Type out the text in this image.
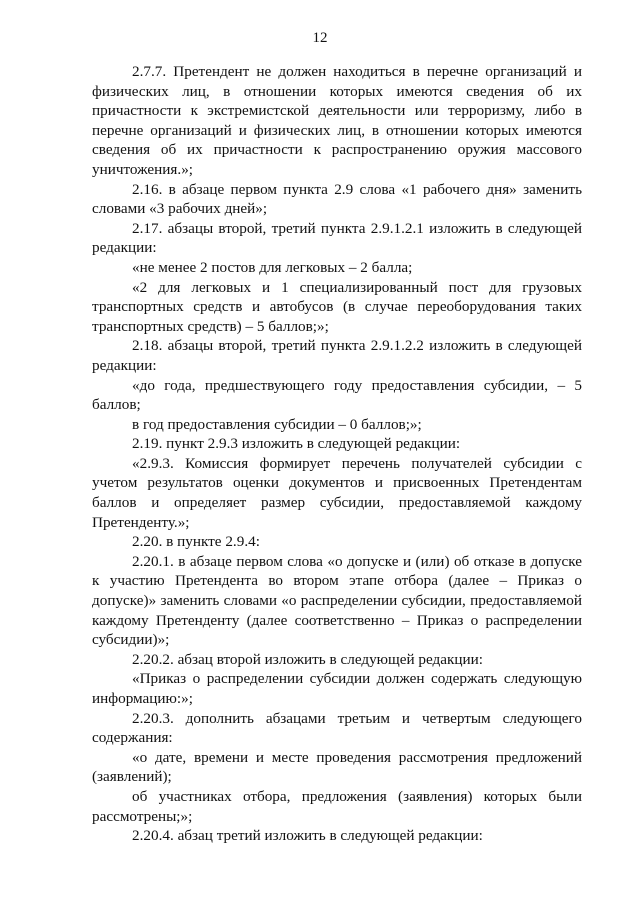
12

2.7.7. Претендент не должен находиться в перечне организаций и физических лиц, в отношении которых имеются сведения об их причастности к экстремистской деятельности или терроризму, либо в перечне организаций и физических лиц, в отношении которых имеются сведения об их причастности к распространению оружия массового уничтожения.»;

2.16. в абзаце первом пункта 2.9 слова «1 рабочего дня» заменить словами «3 рабочих дней»;

2.17. абзацы второй, третий пункта 2.9.1.2.1 изложить в следующей редакции:

«не менее 2 постов для легковых – 2 балла;

«2 для легковых и 1 специализированный пост для грузовых транспортных средств и автобусов (в случае переоборудования таких транспортных средств) – 5 баллов;»;

2.18. абзацы второй, третий пункта 2.9.1.2.2 изложить в следующей редакции:

«до года, предшествующего году предоставления субсидии, – 5 баллов;

в год предоставления субсидии – 0 баллов;»;

2.19. пункт 2.9.3 изложить в следующей редакции:

«2.9.3. Комиссия формирует перечень получателей субсидии с учетом результатов оценки документов и присвоенных Претендентам баллов и определяет размер субсидии, предоставляемой каждому Претенденту.»;

2.20. в пункте 2.9.4:

2.20.1. в абзаце первом слова «о допуске и (или) об отказе в допуске к участию Претендента во втором этапе отбора (далее – Приказ о допуске)» заменить словами «о распределении субсидии, предоставляемой каждому Претенденту (далее соответственно – Приказ о распределении субсидии)»;

2.20.2. абзац второй изложить в следующей редакции:

«Приказ о распределении субсидии должен содержать следующую информацию:»;

2.20.3. дополнить абзацами третьим и четвертым следующего содержания:

«о дате, времени и месте проведения рассмотрения предложений (заявлений);

об участниках отбора, предложения (заявления) которых были рассмотрены;»;

2.20.4. абзац третий изложить в следующей редакции:
